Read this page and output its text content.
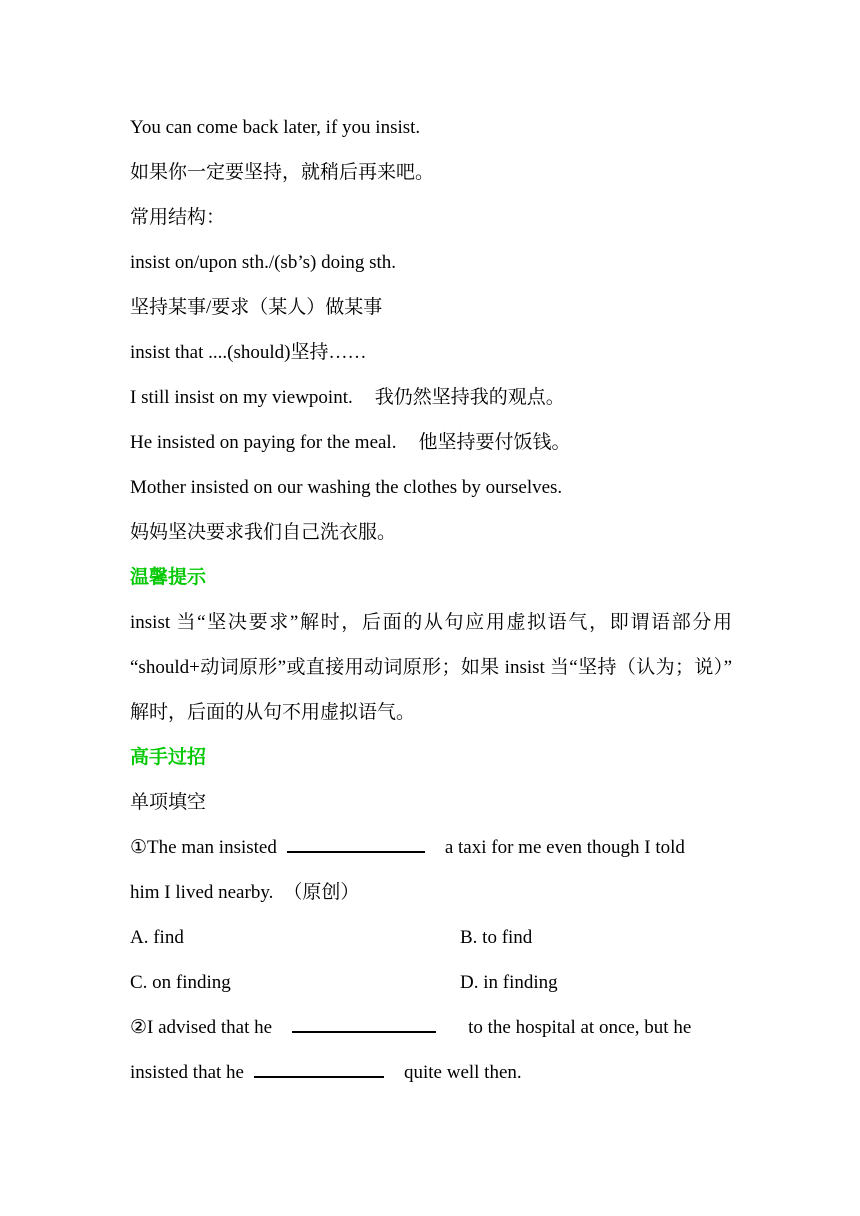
You can come back later, if you insist.
如果你一定要坚持，就稍后再来吧。
常用结构：
insist on/upon sth./(sb’s) doing sth.
坚持某事/要求（某人）做某事
insist that ....(should)坚持……
I still insist on my viewpoint. 我仍然坚持我的观点。
He insisted on paying for the meal. 他坚持要付饭钱。
Mother insisted on our washing the clothes by ourselves.
妈妈坚决要求我们自己洗衣服。
温馨提示
insist 当“坚决要求”解时，后面的从句应用虚拟语气，即谓语部分用
“should+动词原形”或直接用动词原形；如果 insist 当“坚持（认为；说）”
解时，后面的从句不用虚拟语气。
高手过招
单项填空
①The man insisted	a taxi for me even though I told
him I lived nearby. （原创）
A. find	B. to find
C. on finding	D. in finding
②I advised that he	to the hospital at once, but he
insisted that he	quite well then.
